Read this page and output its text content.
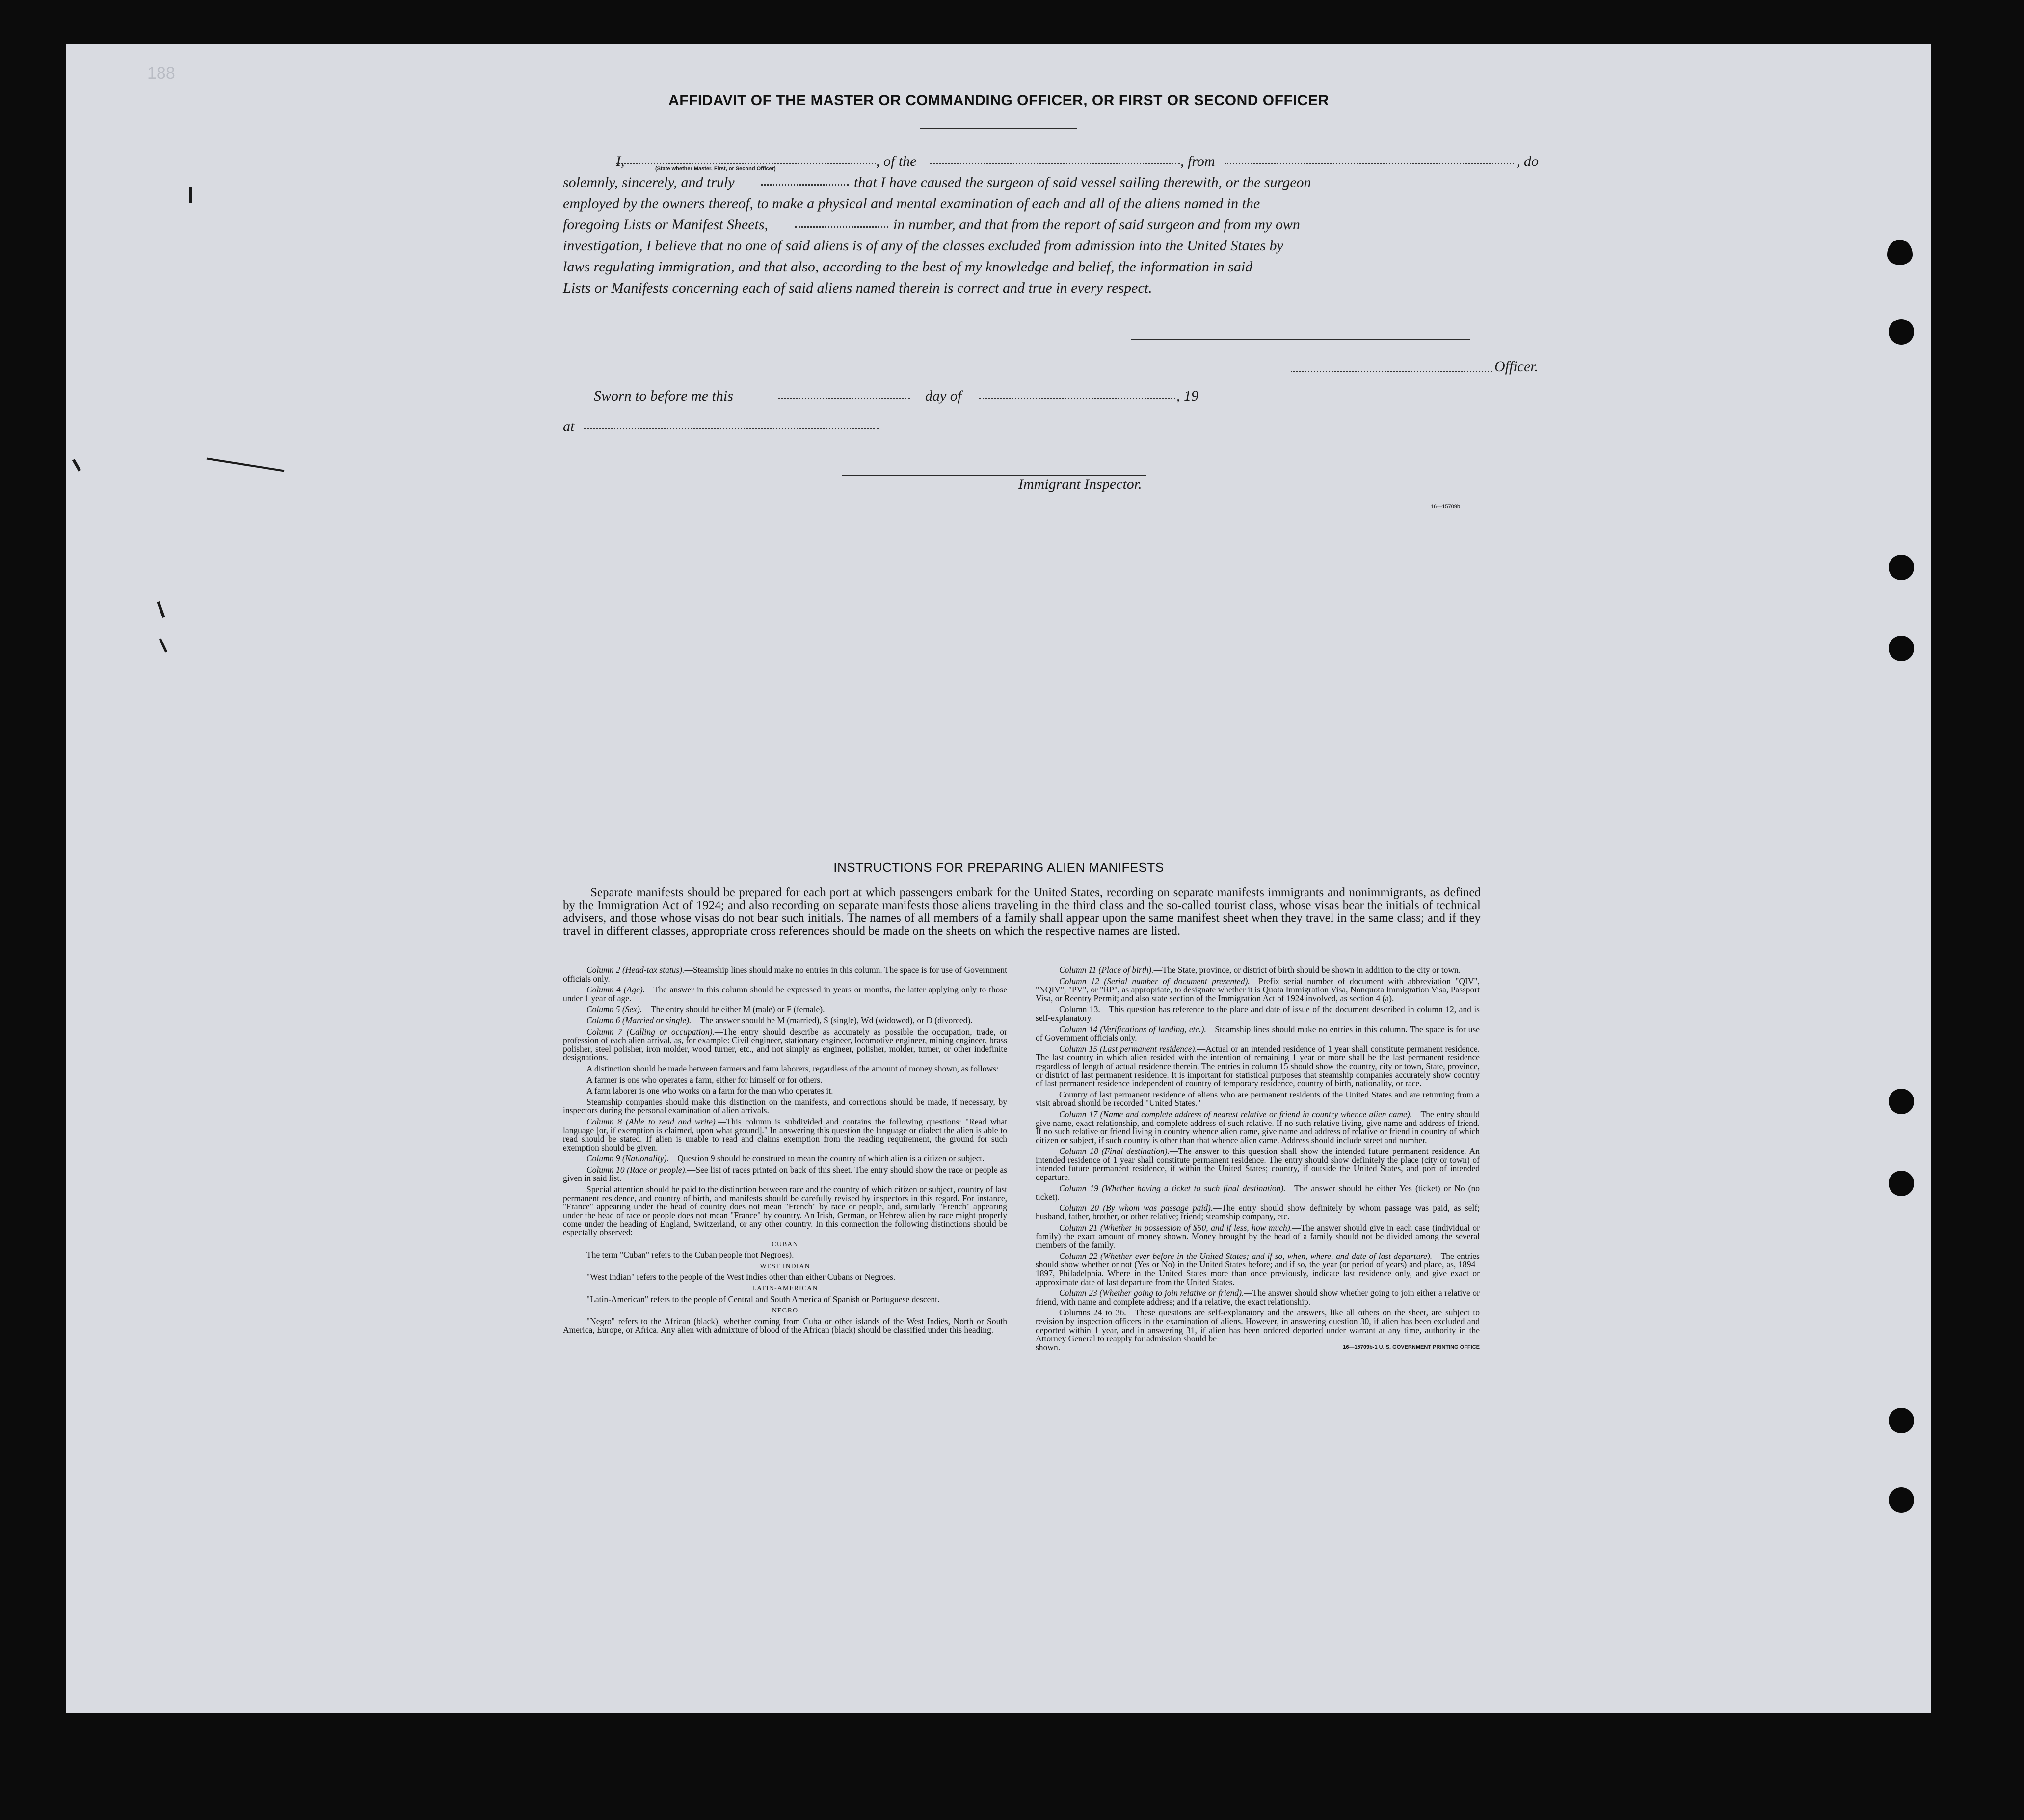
188
AFFIDAVIT OF THE MASTER OR COMMANDING OFFICER, OR FIRST OR SECOND OFFICER
I,	(State whether Master, First, or Second Officer)	, of the	, from	, do
solemnly, sincerely, and truly	that I have caused the surgeon of said vessel sailing therewith, or the surgeon
employed by the owners thereof, to make a physical and mental examination of each and all of the aliens named in the
foregoing Lists or Manifest Sheets,	in number, and that from the report of said surgeon and from my own
investigation, I believe that no one of said aliens is of any of the classes excluded from admission into the United States by
laws regulating immigration, and that also, according to the best of my knowledge and belief, the information in said
Lists or Manifests concerning each of said aliens named therein is correct and true in every respect.
Officer.
Sworn to before me this	day of	, 19
at
Immigrant Inspector.
16—15709b
INSTRUCTIONS FOR PREPARING ALIEN MANIFESTS
Separate manifests should be prepared for each port at which passengers embark for the United States, recording on separate manifests immigrants and nonimmigrants, as defined by the Immigration Act of 1924; and also recording on separate manifests those aliens traveling in the third class and the so-called tourist class, whose visas bear the initials of technical advisers, and those whose visas do not bear such initials. The names of all members of a family shall appear upon the same manifest sheet when they travel in the same class; and if they travel in different classes, appropriate cross references should be made on the sheets on which the respective names are listed.

Column 2 (Head-tax status).—Steamship lines should make no entries in this column. The space is for use of Government officials only.

Column 4 (Age).—The answer in this column should be expressed in years or months, the latter applying only to those under 1 year of age.

Column 5 (Sex).—The entry should be either M (male) or F (female).

Column 6 (Married or single).—The answer should be M (married), S (single), Wd (widowed), or D (divorced).

Column 7 (Calling or occupation).—The entry should describe as accurately as possible the occupation, trade, or profession of each alien arrival, as, for example: Civil engineer, stationary engineer, locomotive engineer, mining engineer, brass polisher, steel polisher, iron molder, wood turner, etc., and not simply as engineer, polisher, molder, turner, or other indefinite designations.

A distinction should be made between farmers and farm laborers, regardless of the amount of money shown, as follows:

A farmer is one who operates a farm, either for himself or for others.

A farm laborer is one who works on a farm for the man who operates it.

Steamship companies should make this distinction on the manifests, and corrections should be made, if necessary, by inspectors during the personal examination of alien arrivals.

Column 8 (Able to read and write).—This column is subdivided and contains the following questions: "Read what language [or, if exemption is claimed, upon what ground]." In answering this question the language or dialect the alien is able to read should be stated. If alien is unable to read and claims exemption from the reading requirement, the ground for such exemption should be given.

Column 9 (Nationality).—Question 9 should be construed to mean the country of which alien is a citizen or subject.

Column 10 (Race or people).—See list of races printed on back of this sheet. The entry should show the race or people as given in said list.

Special attention should be paid to the distinction between race and the country of which citizen or subject, country of last permanent residence, and country of birth, and manifests should be carefully revised by inspectors in this regard. For instance, "France" appearing under the head of country does not mean "French" by race or people, and, similarly "French" appearing under the head of race or people does not mean "France" by country. An Irish, German, or Hebrew alien by race might properly come under the heading of England, Switzerland, or any other country. In this connection the following distinctions should be especially observed:

CUBAN

The term "Cuban" refers to the Cuban people (not Negroes).

WEST INDIAN

"West Indian" refers to the people of the West Indies other than either Cubans or Negroes.

LATIN-AMERICAN

"Latin-American" refers to the people of Central and South America of Spanish or Portuguese descent.

NEGRO

"Negro" refers to the African (black), whether coming from Cuba or other islands of the West Indies, North or South America, Europe, or Africa. Any alien with admixture of blood of the African (black) should be classified under this heading.

Column 11 (Place of birth).—The State, province, or district of birth should be shown in addition to the city or town.

Column 12 (Serial number of document presented).—Prefix serial number of document with abbreviation "QIV", "NQIV", "PV", or "RP", as appropriate, to designate whether it is Quota Immigration Visa, Nonquota Immigration Visa, Passport Visa, or Reentry Permit; and also state section of the Immigration Act of 1924 involved, as section 4 (a).

Column 13.—This question has reference to the place and date of issue of the document described in column 12, and is self-explanatory.

Column 14 (Verifications of landing, etc.).—Steamship lines should make no entries in this column. The space is for use of Government officials only.

Column 15 (Last permanent residence).—Actual or an intended residence of 1 year shall constitute permanent residence. The last country in which alien resided with the intention of remaining 1 year or more shall be the last permanent residence regardless of length of actual residence therein. The entries in column 15 should show the country, city or town, State, province, or district of last permanent residence. It is important for statistical purposes that steamship companies accurately show country of last permanent residence independent of country of temporary residence, country of birth, nationality, or race.

Country of last permanent residence of aliens who are permanent residents of the United States and are returning from a visit abroad should be recorded "United States."

Column 17 (Name and complete address of nearest relative or friend in country whence alien came).—The entry should give name, exact relationship, and complete address of such relative. If no such relative living, give name and address of friend. If no such relative or friend living in country whence alien came, give name and address of relative or friend in country of which citizen or subject, if such country is other than that whence alien came. Address should include street and number.

Column 18 (Final destination).—The answer to this question shall show the intended future permanent residence. An intended residence of 1 year shall constitute permanent residence. The entry should show definitely the place (city or town) of intended future permanent residence, if within the United States; country, if outside the United States, and port of intended departure.

Column 19 (Whether having a ticket to such final destination).—The answer should be either Yes (ticket) or No (no ticket).

Column 20 (By whom was passage paid).—The entry should show definitely by whom passage was paid, as self; husband, father, brother, or other relative; friend; steamship company, etc.

Column 21 (Whether in possession of $50, and if less, how much).—The answer should give in each case (individual or family) the exact amount of money shown. Money brought by the head of a family should not be divided among the several members of the family.

Column 22 (Whether ever before in the United States; and if so, when, where, and date of last departure).—The entries should show whether or not (Yes or No) in the United States before; and if so, the year (or period of years) and place, as, 1894–1897, Philadelphia. Where in the United States more than once previously, indicate last residence only, and give exact or approximate date of last departure from the United States.

Column 23 (Whether going to join relative or friend).—The answer should show whether going to join either a relative or friend, with name and complete address; and if a relative, the exact relationship.

Columns 24 to 36.—These questions are self-explanatory and the answers, like all others on the sheet, are subject to revision by inspection officers in the examination of aliens. However, in answering question 30, if alien has been excluded and deported within 1 year, and in answering 31, if alien has been ordered deported under warrant at any time, authority in the Attorney General to reapply for admission should be

shown.	16—15709b-1 U. S. GOVERNMENT PRINTING OFFICE
